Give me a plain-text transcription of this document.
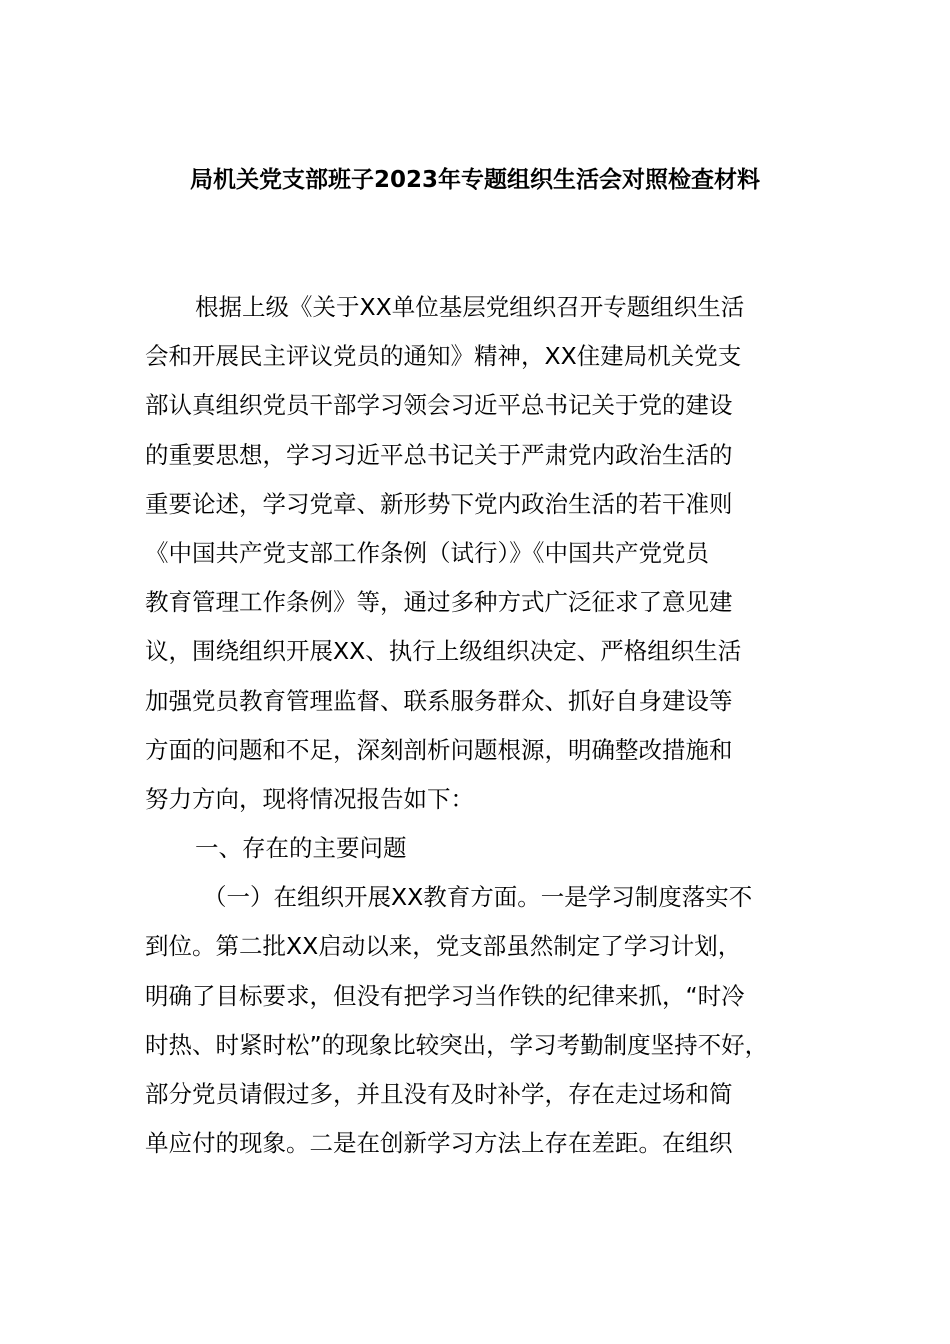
局机关党支部班子2023年专题组织生活会对照检查材料
根据上级《关于XX单位基层党组织召开专题组织生活
会和开展民主评议党员的通知》精神，XX住建局机关党支
部认真组织党员干部学习领会习近平总书记关于党的建设
的重要思想，学习习近平总书记关于严肃党内政治生活的
重要论述，学习党章、新形势下党内政治生活的若干准则
《中国共产党支部工作条例（试行）》《中国共产党党员
教育管理工作条例》等，通过多种方式广泛征求了意见建
议，围绕组织开展XX、执行上级组织决定、严格组织生活
加强党员教育管理监督、联系服务群众、抓好自身建设等
方面的问题和不足，深刻剖析问题根源，明确整改措施和
努力方向，现将情况报告如下：
一、存在的主要问题
（一）在组织开展XX教育方面。一是学习制度落实不
到位。第二批XX启动以来，党支部虽然制定了学习计划，
明确了目标要求，但没有把学习当作铁的纪律来抓，“时冷
时热、时紧时松”的现象比较突出，学习考勤制度坚持不好，
部分党员请假过多，并且没有及时补学，存在走过场和简
单应付的现象。二是在创新学习方法上存在差距。在组织
